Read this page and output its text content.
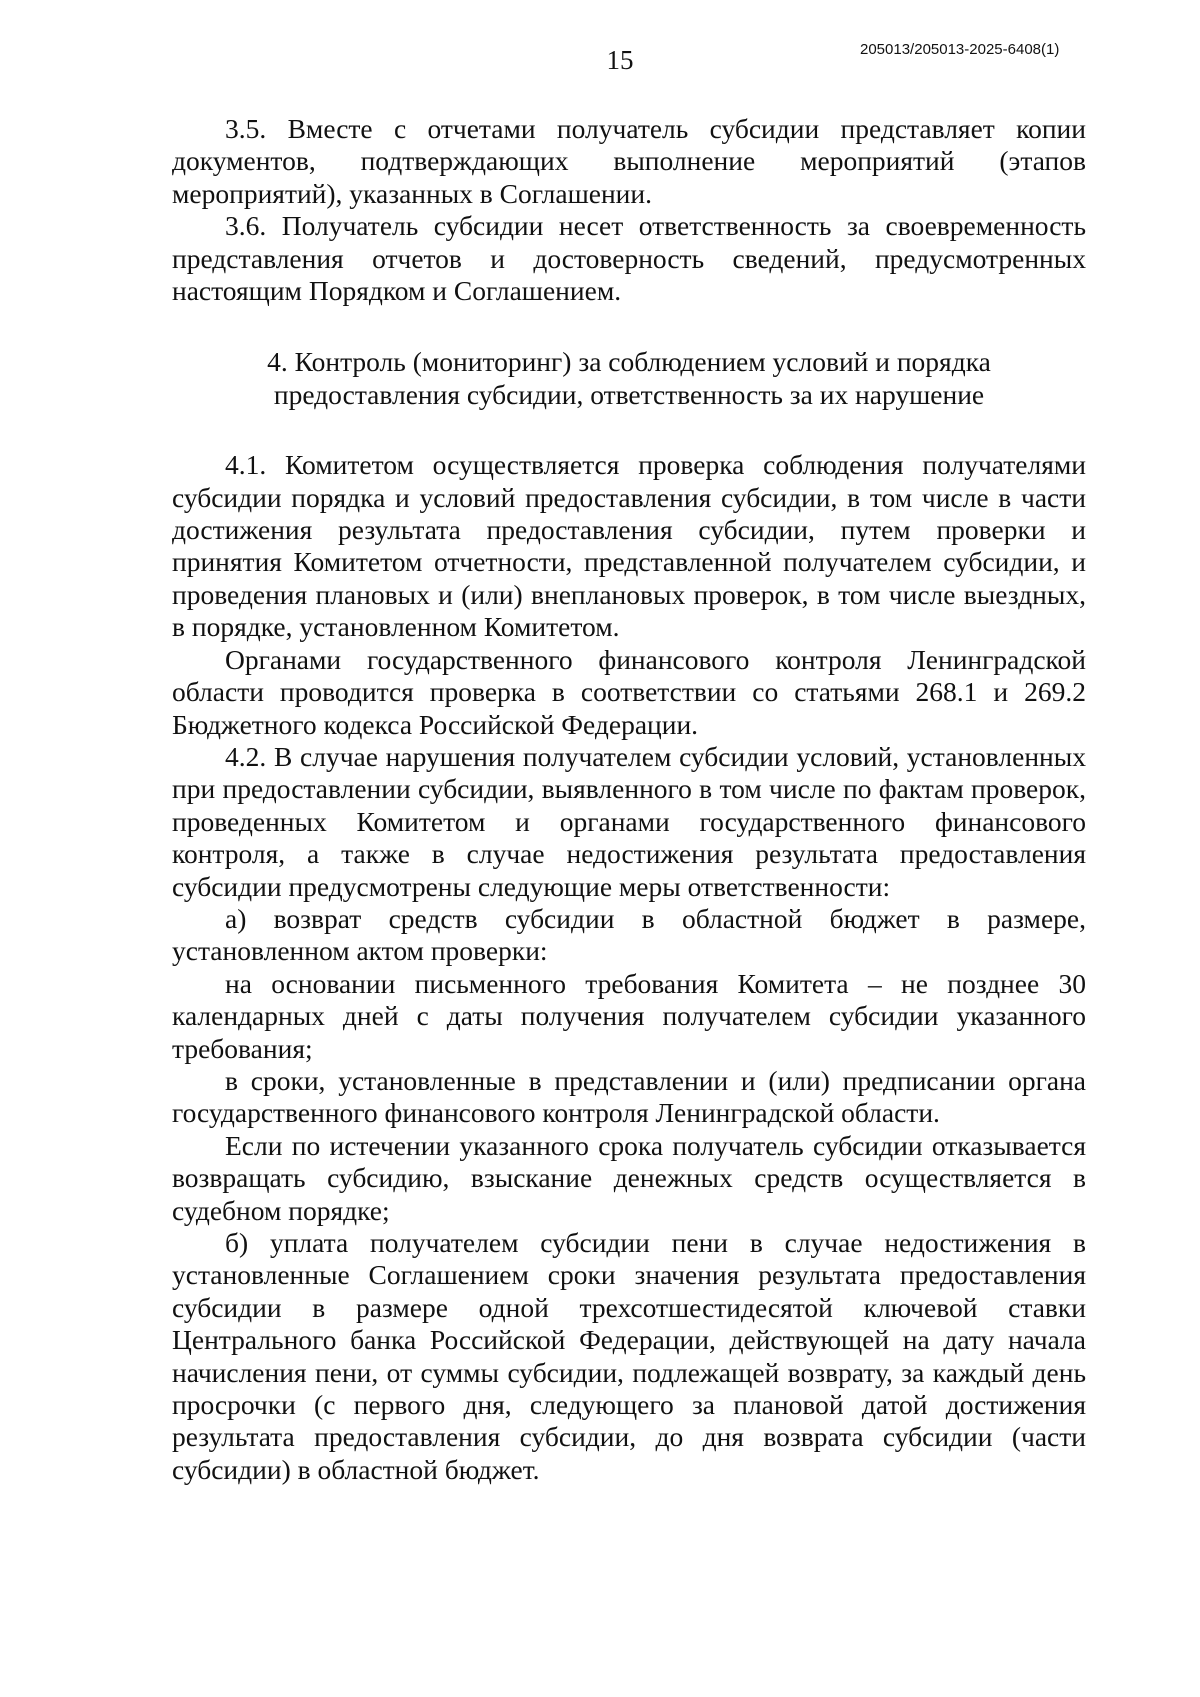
15	205013/205013-2025-6408(1)

3.5. Вместе с отчетами получатель субсидии представляет копии документов, подтверждающих выполнение мероприятий (этапов мероприятий), указанных в Соглашении.

3.6. Получатель субсидии несет ответственность за своевременность представления отчетов и достоверность сведений, предусмотренных настоящим Порядком и Соглашением.

4. Контроль (мониторинг) за соблюдением условий и порядка предоставления субсидии, ответственность за их нарушение

4.1. Комитетом осуществляется проверка соблюдения получателями субсидии порядка и условий предоставления субсидии, в том числе в части достижения результата предоставления субсидии, путем проверки и принятия Комитетом отчетности, представленной получателем субсидии, и проведения плановых и (или) внеплановых проверок, в том числе выездных, в порядке, установленном Комитетом.

Органами государственного финансового контроля Ленинградской области проводится проверка в соответствии со статьями 268.1 и 269.2 Бюджетного кодекса Российской Федерации.

4.2. В случае нарушения получателем субсидии условий, установленных при предоставлении субсидии, выявленного в том числе по фактам проверок, проведенных Комитетом и органами государственного финансового контроля, а также в случае недостижения результата предоставления субсидии предусмотрены следующие меры ответственности:

а) возврат средств субсидии в областной бюджет в размере, установленном актом проверки:

на основании письменного требования Комитета – не позднее 30 календарных дней с даты получения получателем субсидии указанного требования;

в сроки, установленные в представлении и (или) предписании органа государственного финансового контроля Ленинградской области.

Если по истечении указанного срока получатель субсидии отказывается возвращать субсидию, взыскание денежных средств осуществляется в судебном порядке;

б) уплата получателем субсидии пени в случае недостижения в установленные Соглашением сроки значения результата предоставления субсидии в размере одной трехсотшестидесятой ключевой ставки Центрального банка Российской Федерации, действующей на дату начала начисления пени, от суммы субсидии, подлежащей возврату, за каждый день просрочки (с первого дня, следующего за плановой датой достижения результата предоставления субсидии, до дня возврата субсидии (части субсидии) в областной бюджет.
